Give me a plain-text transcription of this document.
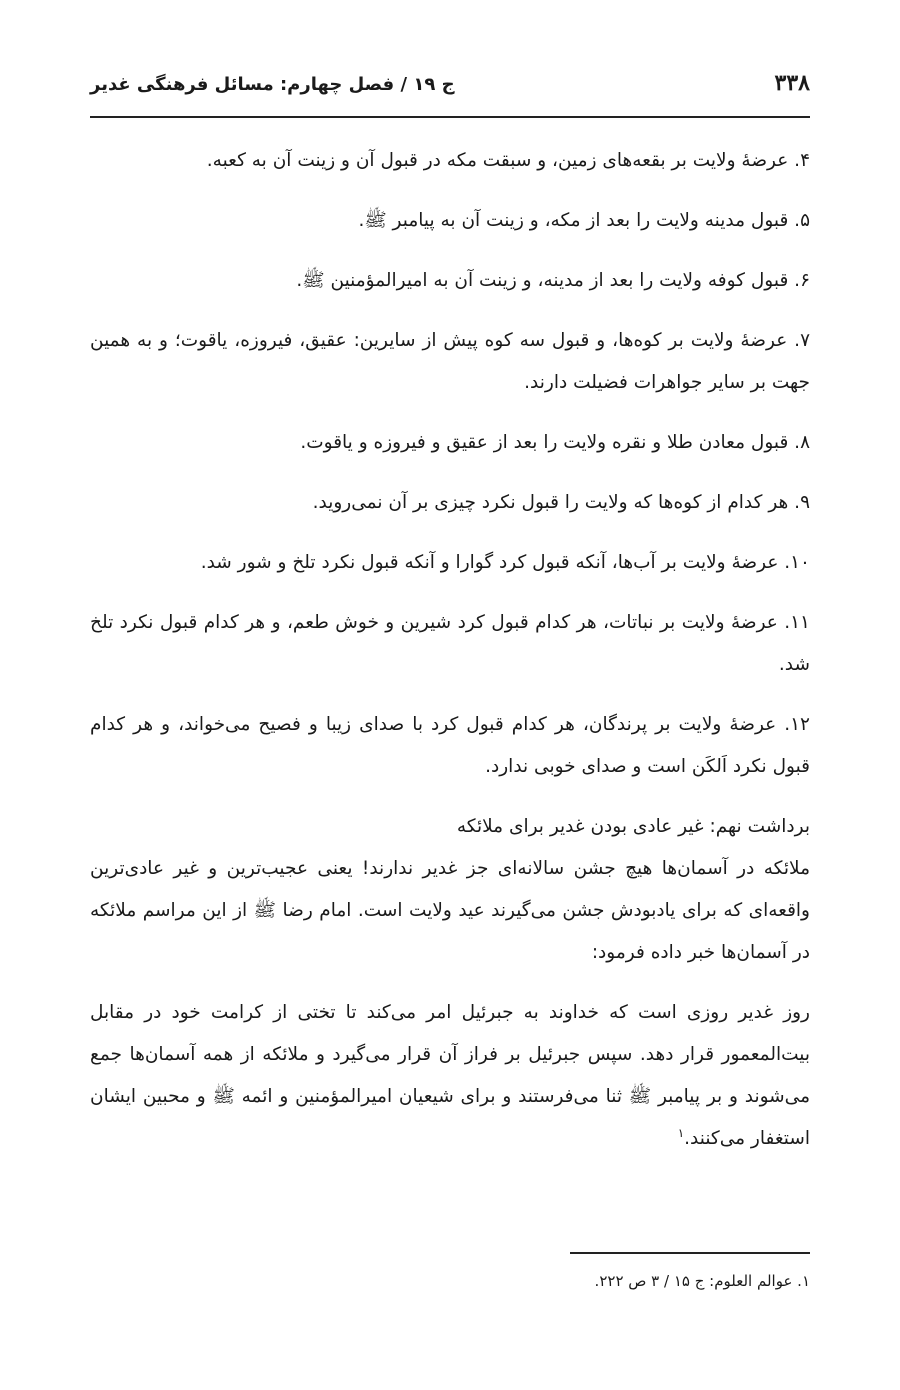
۳۳۸
ج ۱۹ / فصل چهارم: مسائل فرهنگی غدیر

۴. عرضۀ ولایت بر بقعه‌های زمین، و سبقت مکه در قبول آن و زینت آن به کعبه.

۵. قبول مدینه ولایت را بعد از مکه، و زینت آن به پیامبر ﷺ.

۶. قبول کوفه ولایت را بعد از مدینه، و زینت آن به امیرالمؤمنین ﷺ.

۷. عرضۀ ولایت بر کوه‌ها، و قبول سه کوه پیش از سایرین: عقیق، فیروزه، یاقوت؛ و به همین جهت بر سایر جواهرات فضیلت دارند.

۸. قبول معادن طلا و نقره ولایت را بعد از عقیق و فیروزه و یاقوت.

۹. هر کدام از کوه‌ها که ولایت را قبول نکرد چیزی بر آن نمی‌روید.

۱۰. عرضۀ ولایت بر آب‌ها، آنکه قبول کرد گوارا و آنکه قبول نکرد تلخ و شور شد.

۱۱. عرضۀ ولایت بر نباتات، هر کدام قبول کرد شیرین و خوش طعم، و هر کدام قبول نکرد تلخ شد.

۱۲. عرضۀ ولایت بر پرندگان، هر کدام قبول کرد با صدای زیبا و فصیح می‌خواند، و هر کدام قبول نکرد اَلکَن است و صدای خوبی ندارد.

برداشت نهم: غیر عادی بودن غدیر برای ملائکه

ملائکه در آسمان‌ها هیچ جشن سالانه‌ای جز غدیر ندارند! یعنی عجیب‌ترین و غیر عادی‌ترین واقعه‌ای که برای یادبودش جشن می‌گیرند عید ولایت است. امام رضا ﷺ از این مراسم ملائکه در آسمان‌ها خبر داده فرمود:

روز غدیر روزی است که خداوند به جبرئیل امر می‌کند تا تختی از کرامت خود در مقابل بیت‌المعمور قرار دهد. سپس جبرئیل بر فراز آن قرار می‌گیرد و ملائکه از همه آسمان‌ها جمع می‌شوند و بر پیامبر ﷺ ثنا می‌فرستند و برای شیعیان امیرالمؤمنین و ائمه ﷺ و محبین ایشان استغفار می‌کنند.$^۱$

۱. عوالم العلوم: ج ۱۵ / ۳ ص ۲۲۲.
